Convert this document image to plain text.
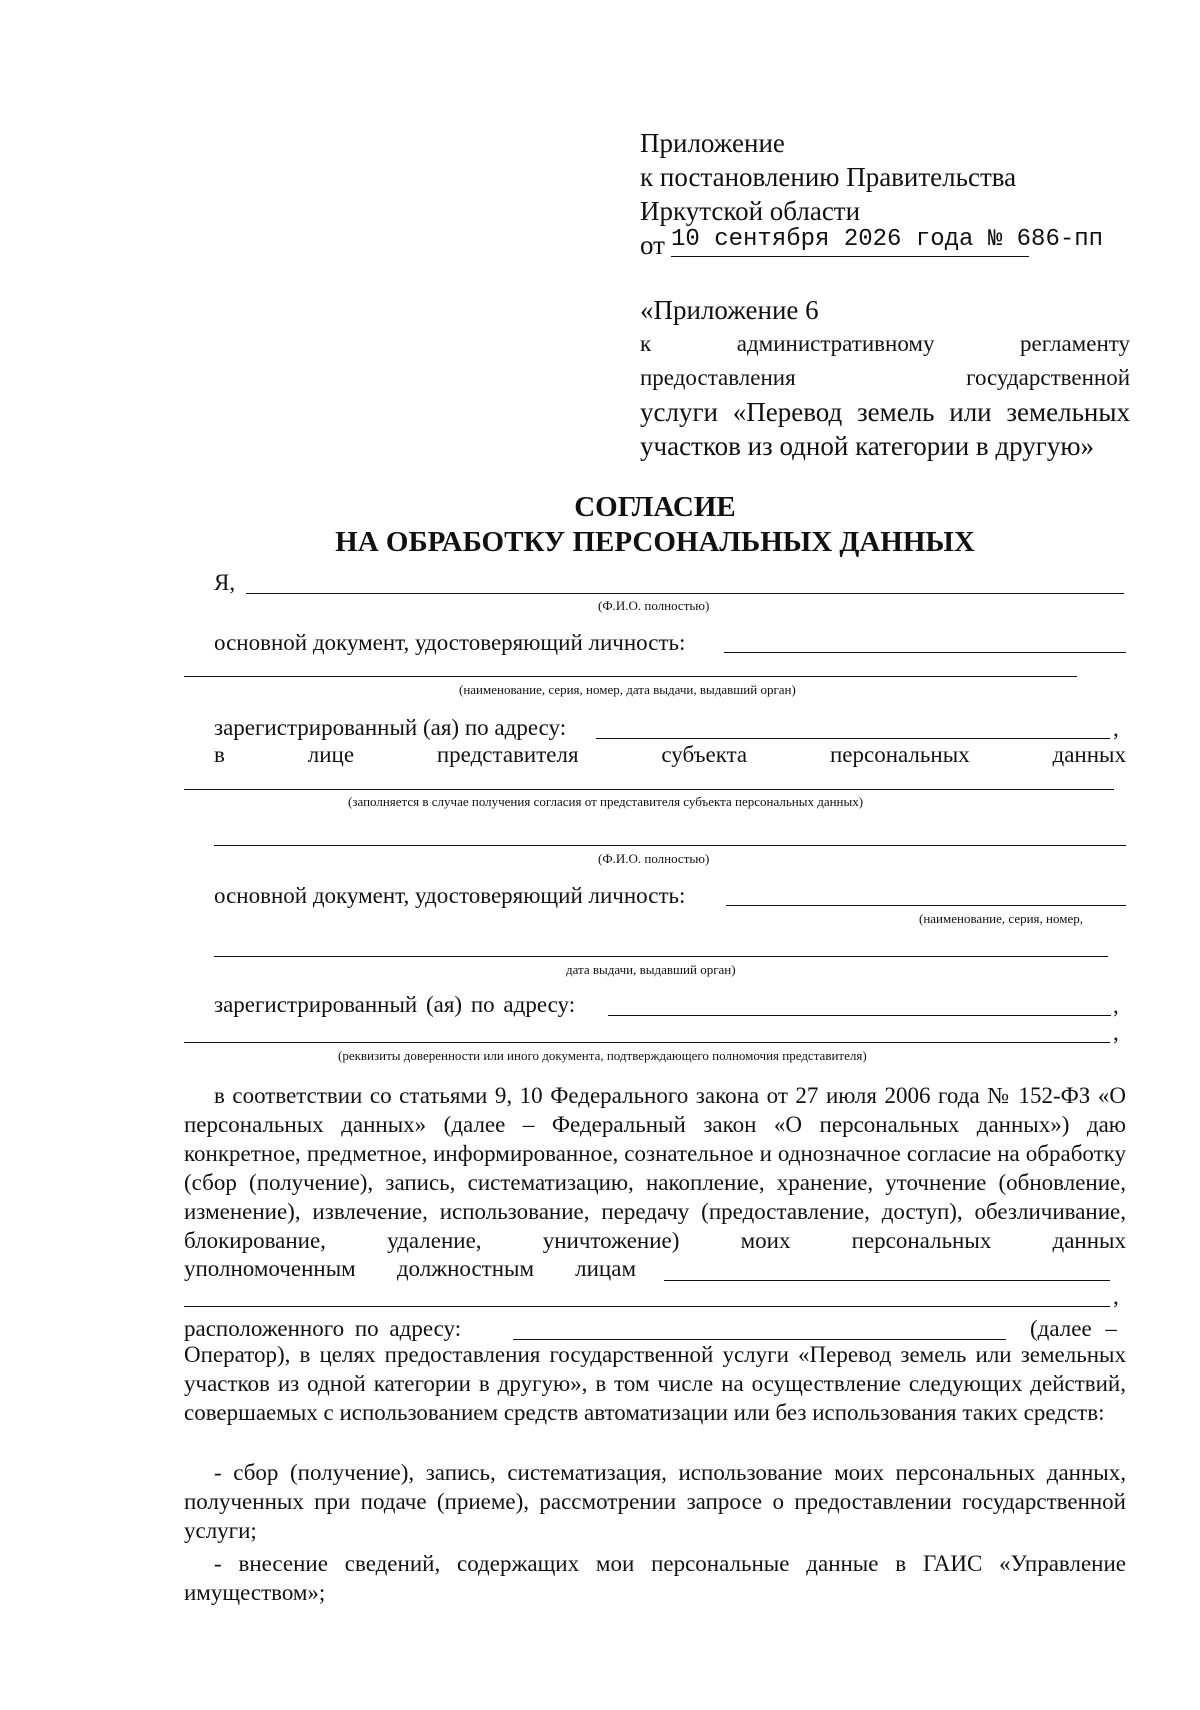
Приложение
к постановлению Правительства
Иркутской области
от 10 сентября 2026 года № 686-пп
«Приложение 6
к	административному	регламенту
предоставления	государственной
услуги «Перевод земель или земельных
участков из одной категории в другую»
СОГЛАСИЕ
НА ОБРАБОТКУ ПЕРСОНАЛЬНЫХ ДАННЫХ
Я,
(Ф.И.О. полностью)
основной документ, удостоверяющий личность:
(наименование, серия, номер, дата выдачи, выдавший орган)
зарегистрированный (ая) по адресу:	,
в	лице	представителя	субъекта	персональных	данных
(заполняется в случае получения согласия от представителя субъекта персональных данных)
(Ф.И.О. полностью)
основной документ, удостоверяющий личность:
(наименование, серия, номер,
дата выдачи, выдавший орган)
зарегистрированный (ая) по адресу:	,
,
(реквизиты доверенности или иного документа, подтверждающего полномочия представителя)
в соответствии со статьями 9, 10 Федерального закона от 27 июля 2006 года № 152-ФЗ «О персональных данных» (далее – Федеральный закон «О персональных данных») даю конкретное, предметное, информированное, сознательное и однозначное согласие на обработку (сбор (получение), запись, систематизацию, накопление, хранение, уточнение (обновление, изменение), извлечение, использование, передачу (предоставление, доступ), обезличивание, блокирование, удаление, уничтожение) моих персональных данных
уполномоченным должностным лицам
,
расположенного по адресу:	(далее –
Оператор), в целях предоставления государственной услуги «Перевод земель или земельных участков из одной категории в другую», в том числе на осуществление следующих действий, совершаемых с использованием средств автоматизации или без использования таких средств:
- сбор (получение), запись, систематизация, использование моих персональных данных, полученных при подаче (приеме), рассмотрении запросе о предоставлении государственной услуги;
- внесение сведений, содержащих мои персональные данные в ГАИС «Управление имуществом»;
